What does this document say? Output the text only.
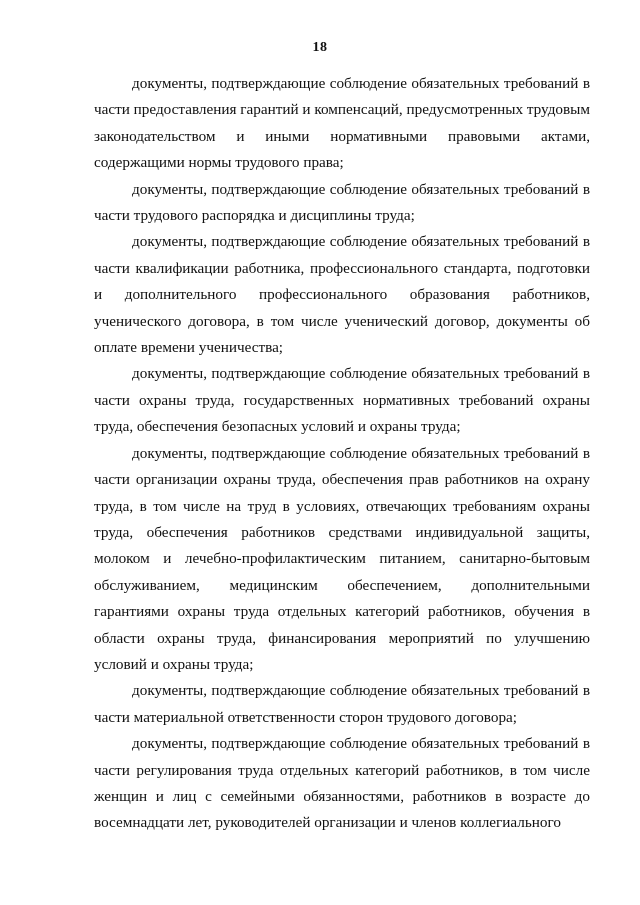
18

документы, подтверждающие соблюдение обязательных требований в части предоставления гарантий и компенсаций, предусмотренных трудовым законодательством и иными нормативными правовыми актами, содержащими нормы трудового права;

документы, подтверждающие соблюдение обязательных требований в части трудового распорядка и дисциплины труда;

документы, подтверждающие соблюдение обязательных требований в части квалификации работника, профессионального стандарта, подготовки и дополнительного профессионального образования работников, ученического договора, в том числе ученический договор, документы об оплате времени ученичества;

документы, подтверждающие соблюдение обязательных требований в части охраны труда, государственных нормативных требований охраны труда, обеспечения безопасных условий и охраны труда;

документы, подтверждающие соблюдение обязательных требований в части организации охраны труда, обеспечения прав работников на охрану труда, в том числе на труд в условиях, отвечающих требованиям охраны труда, обеспечения работников средствами индивидуальной защиты, молоком и лечебно-профилактическим питанием, санитарно-бытовым обслуживанием, медицинским обеспечением, дополнительными гарантиями охраны труда отдельных категорий работников, обучения в области охраны труда, финансирования мероприятий по улучшению условий и охраны труда;

документы, подтверждающие соблюдение обязательных требований в части материальной ответственности сторон трудового договора;

документы, подтверждающие соблюдение обязательных требований в части регулирования труда отдельных категорий работников, в том числе женщин и лиц с семейными обязанностями, работников в возрасте до восемнадцати лет, руководителей организации и членов коллегиального
